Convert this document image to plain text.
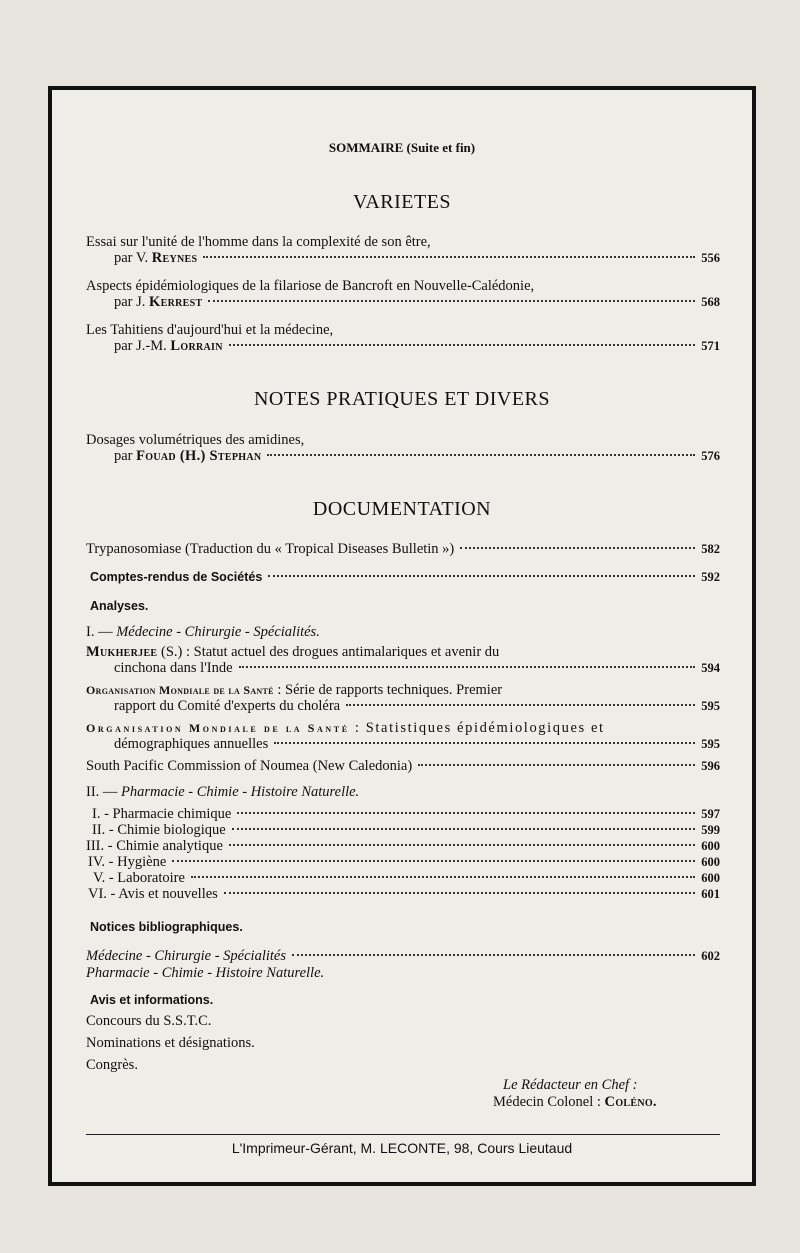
SOMMAIRE (Suite et fin)
VARIETES
Essai sur l'unité de l'homme dans la complexité de son être,
par V. Reynes	556
Aspects épidémiologiques de la filariose de Bancroft en Nouvelle-Calédonie,
par J. Kerrest	568
Les Tahitiens d'aujourd'hui et la médecine,
par J.-M. Lorrain	571
NOTES PRATIQUES ET DIVERS
Dosages volumétriques des amidines,
par Fouad (H.) Stephan	576
DOCUMENTATION
Trypanosomiase (Traduction du « Tropical Diseases Bulletin »)	582
Comptes-rendus de Sociétés	592
Analyses.
I. — Médecine - Chirurgie - Spécialités.
Mukherjee (S.) : Statut actuel des drogues antimalariques et avenir du
cinchona dans l'Inde	594
Organisation Mondiale de la Santé : Série de rapports techniques. Premier
rapport du Comité d'experts du choléra	595
Organisation Mondiale de la Santé : Statistiques épidémiologiques et
démographiques annuelles	595
South Pacific Commission of Noumea (New Caledonia)	596
II. — Pharmacie - Chimie - Histoire Naturelle.
I. - Pharmacie chimique	597
II. - Chimie biologique	599
III. - Chimie analytique	600
IV. - Hygiène	600
V. - Laboratoire	600
VI. - Avis et nouvelles	601
Notices bibliographiques.
Médecine - Chirurgie - Spécialités	602
Pharmacie - Chimie - Histoire Naturelle.
Avis et informations.
Concours du S.S.T.C.
Nominations et désignations.
Congrès.
Le Rédacteur en Chef :
Médecin Colonel : Coléno.
L'Imprimeur-Gérant, M. LECONTE, 98, Cours Lieutaud
